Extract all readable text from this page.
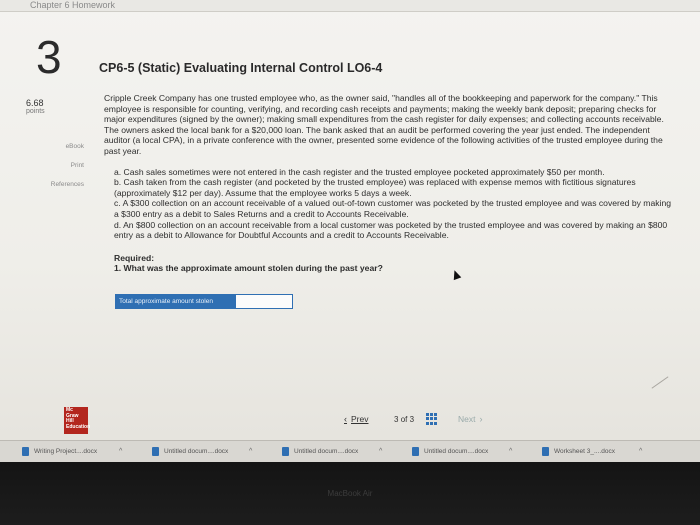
Chapter 6 Homework
3	CP6-5 (Static) Evaluating Internal Control LO6-4
6.68
points
eBook
Print
References

Cripple Creek Company has one trusted employee who, as the owner said, "handles all of the bookkeeping and paperwork for the company." This employee is responsible for counting, verifying, and recording cash receipts and payments; making the weekly bank deposit; preparing checks for major expenditures (signed by the owner); making small expenditures from the cash register for daily expenses; and collecting accounts receivable. The owners asked the local bank for a $20,000 loan. The bank asked that an audit be performed covering the year just ended. The independent auditor (a local CPA), in a private conference with the owner, presented some evidence of the following activities of the trusted employee during the past year.

a. Cash sales sometimes were not entered in the cash register and the trusted employee pocketed approximately $50 per month.

b. Cash taken from the cash register (and pocketed by the trusted employee) was replaced with expense memos with fictitious signatures (approximately $12 per day). Assume that the employee works 5 days a week.

c. A $300 collection on an account receivable of a valued out-of-town customer was pocketed by the trusted employee and was covered by making a $300 entry as a debit to Sales Returns and a credit to Accounts Receivable.

d. An $800 collection on an account receivable from a local customer was pocketed by the trusted employee and was covered by making an $800 entry as a debit to Allowance for Doubtful Accounts and a credit to Accounts Receivable.

Required:

1. What was the approximate amount stolen during the past year?

Total approximate amount stolen
Mc
Graw
Hill
Education
‹ Prev	3 of 3	Next ›
Writing Project....docx	^	Untitled docum....docx	^	Untitled docum....docx	^	Untitled docum....docx	^	Worksheet 3_....docx	^
MacBook Air
